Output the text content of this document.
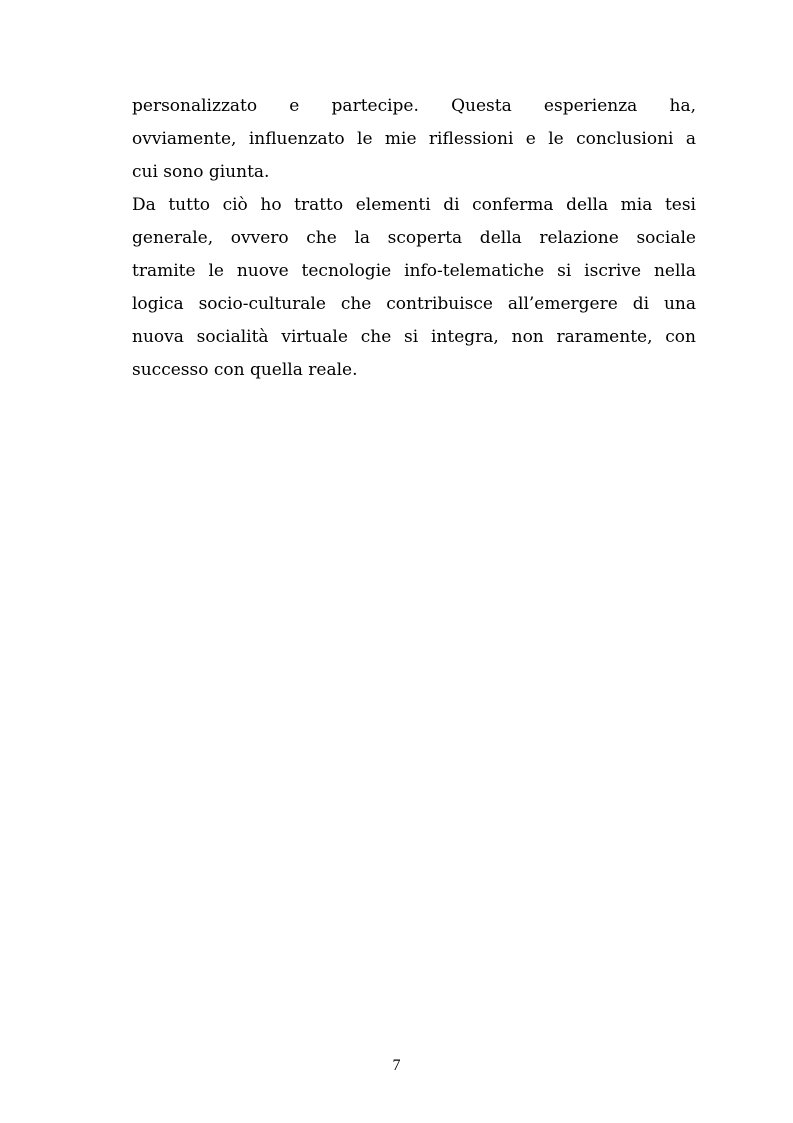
personalizzato e partecipe. Questa esperienza ha,
ovviamente, influenzato le mie riflessioni e le conclusioni a
cui sono giunta.
Da tutto ciò ho tratto elementi di conferma della mia tesi
generale, ovvero che la scoperta della relazione sociale
tramite le nuove tecnologie info-telematiche si iscrive nella
logica socio-culturale che contribuisce all’emergere di una
nuova socialità virtuale che si integra, non raramente, con
successo con quella reale.
7
